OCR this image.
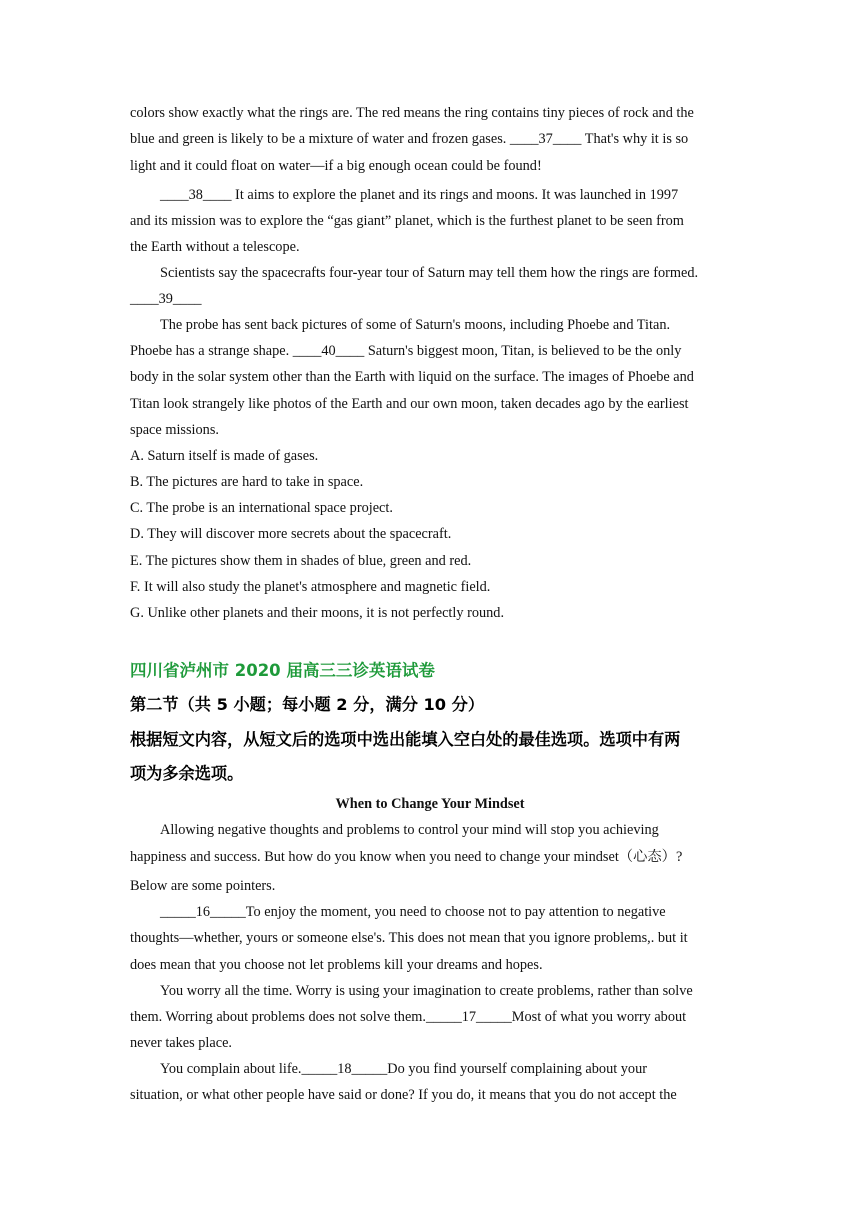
colors show exactly what the rings are. The red means the ring contains tiny pieces of rock and the
blue and green is likely to be a mixture of water and frozen gases. ____37____ That's why it is so
light and it could float on water—if a big enough ocean could be found!
____38____ It aims to explore the planet and its rings and moons. It was launched in 1997
and its mission was to explore the “gas giant” planet, which is the furthest planet to be seen from
the Earth without a telescope.
Scientists say the spacecrafts four-year tour of Saturn may tell them how the rings are formed.
____39____
The probe has sent back pictures of some of Saturn's moons, including Phoebe and Titan.
Phoebe has a strange shape. ____40____ Saturn's biggest moon, Titan, is believed to be the only
body in the solar system other than the Earth with liquid on the surface. The images of Phoebe and
Titan look strangely like photos of the Earth and our own moon, taken decades ago by the earliest
space missions.
A. Saturn itself is made of gases.
B. The pictures are hard to take in space.
C. The probe is an international space project.
D. They will discover more secrets about the spacecraft.
E. The pictures show them in shades of blue, green and red.
F. It will also study the planet's atmosphere and magnetic field.
G. Unlike other planets and their moons, it is not perfectly round.
四川省泸州市 2020 届高三三诊英语试卷
第二节（共 5 小题；每小题 2 分，满分 10 分）
根据短文内容，从短文后的选项中选出能填入空白处的最佳选项。选项中有两
项为多余选项。
When to Change Your Mindset
Allowing negative thoughts and problems to control your mind will stop you achieving
happiness and success. But how do you know when you need to change your mindset（心态）?
Below are some pointers.
_____16_____To enjoy the moment, you need to choose not to pay attention to negative
thoughts—whether, yours or someone else's. This does not mean that you ignore problems,. but it
does mean that you choose not let problems kill your dreams and hopes.
You worry all the time. Worry is using your imagination to create problems, rather than solve
them. Worring about problems does not solve them._____17_____Most of what you worry about
never takes place.
You complain about life._____18_____Do you find yourself complaining about your
situation, or what other people have said or done? If you do, it means that you do not accept the
